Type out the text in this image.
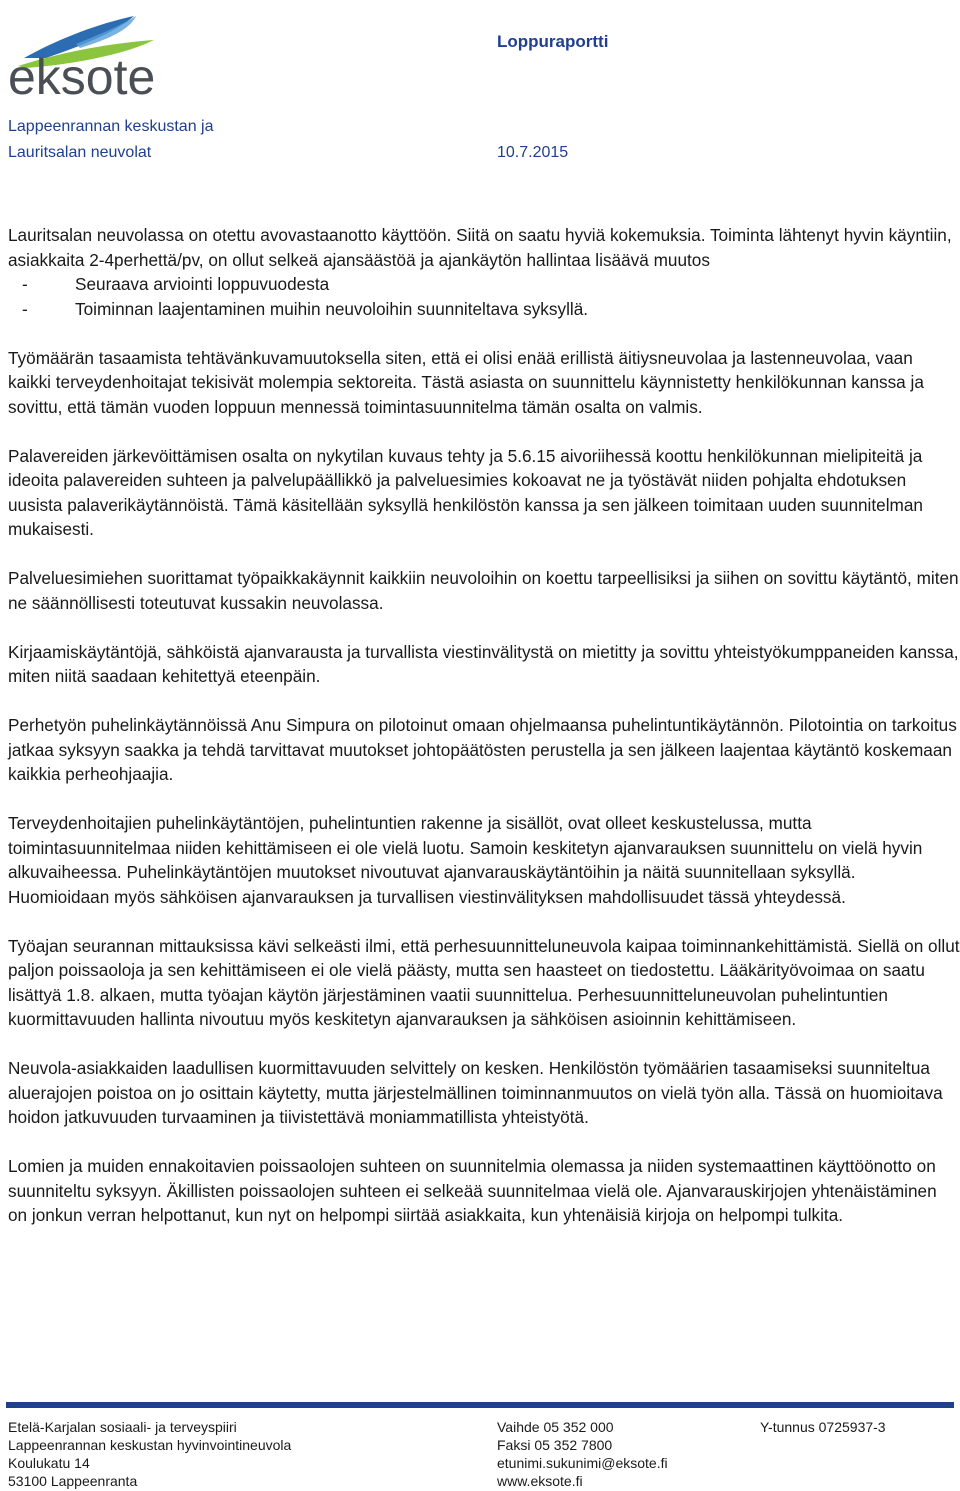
eksote
Loppuraportti
Lappeenrannan keskustan ja
Lauritsalan neuvolat	10.7.2015
Lauritsalan neuvolassa on otettu avovastaanotto käyttöön. Siitä on saatu hyviä kokemuksia. Toiminta lähtenyt hyvin käyntiin, asiakkaita 2-4perhettä/pv, on ollut selkeä ajansäästöä ja ajankäytön hallintaa lisäävä muutos
- Seuraava arviointi loppuvuodesta
- Toiminnan laajentaminen muihin neuvoloihin suunniteltava syksyllä.

Työmäärän tasaamista tehtävänkuvamuutoksella siten, että ei olisi enää erillistä äitiysneuvolaa ja lastenneuvolaa, vaan kaikki terveydenhoitajat tekisivät molempia sektoreita. Tästä asiasta on suunnittelu käynnistetty henkilökunnan kanssa ja sovittu, että tämän vuoden loppuun mennessä toimintasuunnitelma tämän osalta on valmis.

Palavereiden järkevöittämisen osalta on nykytilan kuvaus tehty ja 5.6.15 aivoriihessä koottu henkilökunnan mielipiteitä ja ideoita palavereiden suhteen ja palvelupäällikkö ja palveluesimies kokoavat ne ja työstävät niiden pohjalta ehdotuksen uusista palaverikäytännöistä. Tämä käsitellään syksyllä henkilöstön kanssa ja sen jälkeen toimitaan uuden suunnitelman mukaisesti.

Palveluesimiehen suorittamat työpaikkakäynnit kaikkiin neuvoloihin on koettu tarpeellisiksi ja siihen on sovittu käytäntö, miten ne säännöllisesti toteutuvat kussakin neuvolassa.

Kirjaamiskäytäntöjä, sähköistä ajanvarausta ja turvallista viestinvälitystä on mietitty ja sovittu yhteistyökumppaneiden kanssa, miten niitä saadaan kehitettyä eteenpäin.

Perhetyön puhelinkäytännöissä Anu Simpura on pilotoinut omaan ohjelmaansa puhelintuntikäytännön. Pilotointia on tarkoitus jatkaa syksyyn saakka ja tehdä tarvittavat muutokset johtopäätösten perustella ja sen jälkeen laajentaa käytäntö koskemaan kaikkia perheohjaajia.

Terveydenhoitajien puhelinkäytäntöjen, puhelintuntien rakenne ja sisällöt, ovat olleet keskustelussa, mutta toimintasuunnitelmaa niiden kehittämiseen ei ole vielä luotu. Samoin keskitetyn ajanvarauksen suunnittelu on vielä hyvin alkuvaiheessa. Puhelinkäytäntöjen muutokset nivoutuvat ajanvarauskäytäntöihin ja näitä suunnitellaan syksyllä. Huomioidaan myös sähköisen ajanvarauksen ja turvallisen viestinvälityksen mahdollisuudet tässä yhteydessä.

Työajan seurannan mittauksissa kävi selkeästi ilmi, että perhesuunnitteluneuvola kaipaa toiminnankehittämistä. Siellä on ollut paljon poissaoloja ja sen kehittämiseen ei ole vielä päästy, mutta sen haasteet on tiedostettu. Lääkärityövoimaa on saatu lisättyä 1.8. alkaen, mutta työajan käytön järjestäminen vaatii suunnittelua. Perhesuunnitteluneuvolan puhelintuntien kuormittavuuden hallinta nivoutuu myös keskitetyn ajanvarauksen ja sähköisen asioinnin kehittämiseen.

Neuvola-asiakkaiden laadullisen kuormittavuuden selvittely on kesken. Henkilöstön työmäärien tasaamiseksi suunniteltua aluerajojen poistoa on jo osittain käytetty, mutta järjestelmällinen toiminnanmuutos on vielä työn alla. Tässä on huomioitava hoidon jatkuvuuden turvaaminen ja tiivistettävä moniammatillista yhteistyötä.

Lomien ja muiden ennakoitavien poissaolojen suhteen on suunnitelmia olemassa ja niiden systemaattinen käyttöönotto on suunniteltu syksyyn. Äkillisten poissaolojen suhteen ei selkeää suunnitelmaa vielä ole. Ajanvarauskirjojen yhtenäistäminen on jonkun verran helpottanut, kun nyt on helpompi siirtää asiakkaita, kun yhtenäisiä kirjoja on helpompi tulkita.

Etelä-Karjalan sosiaali- ja terveyspiiri
Lappeenrannan keskustan hyvinvointineuvola
Koulukatu 14
53100 Lappeenranta
Vaihde 05 352 000
Faksi 05 352 7800
etunimi.sukunimi@eksote.fi
www.eksote.fi
Y-tunnus 0725937-3
